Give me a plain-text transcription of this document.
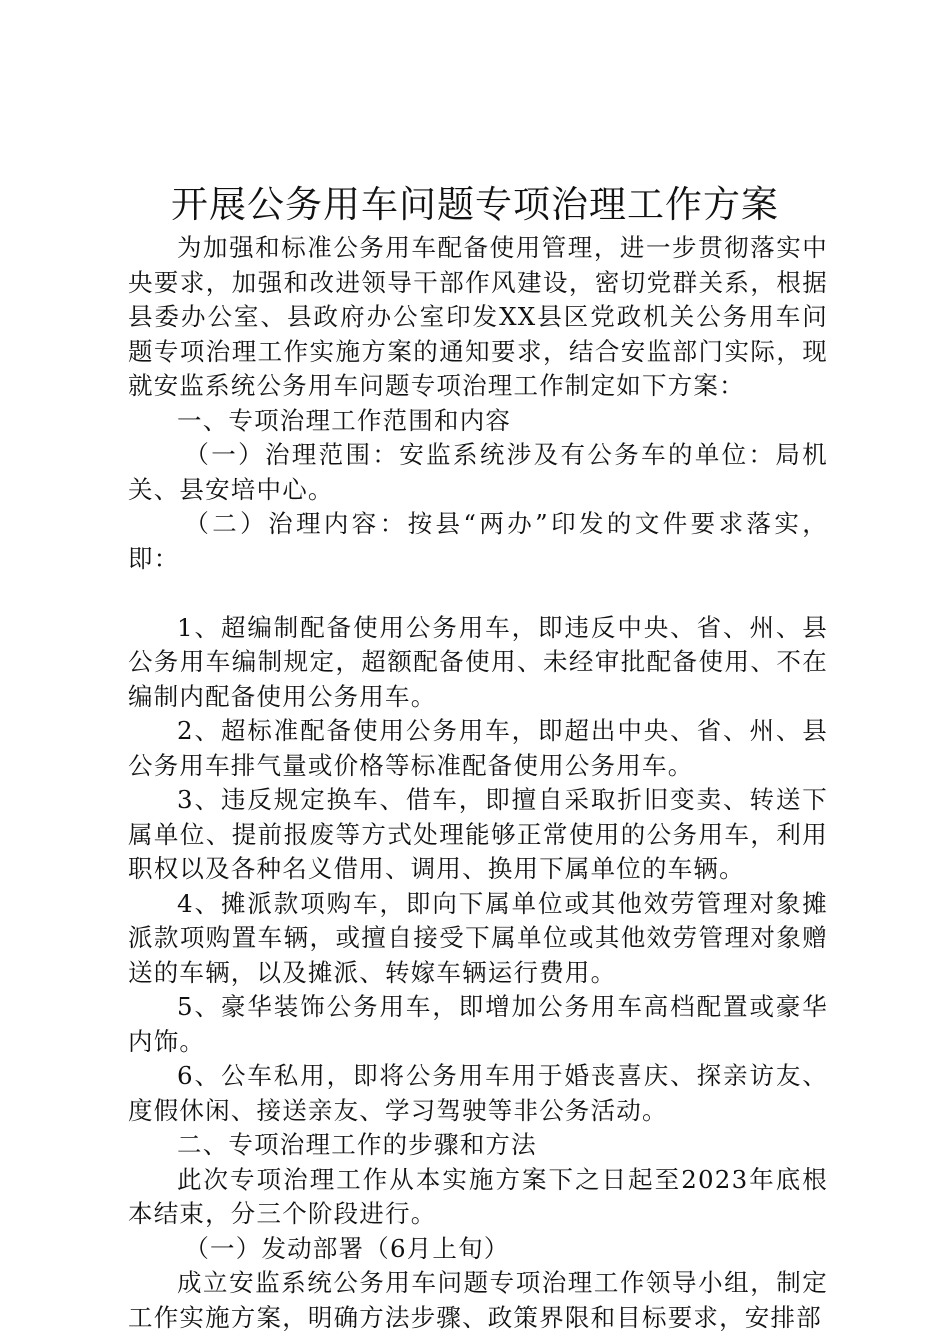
开展公务用车问题专项治理工作方案

为加强和标准公务用车配备使用管理，进一步贯彻落实中央要求，加强和改进领导干部作风建设，密切党群关系，根据县委办公室、县政府办公室印发XX县区党政机关公务用车问题专项治理工作实施方案的通知要求，结合安监部门实际，现就安监系统公务用车问题专项治理工作制定如下方案：

一、专项治理工作范围和内容

（一）治理范围：安监系统涉及有公务车的单位：局机关、县安培中心。

（二）治理内容：按县“两办”印发的文件要求落实，即：

1、超编制配备使用公务用车，即违反中央、省、州、县公务用车编制规定，超额配备使用、未经审批配备使用、不在编制内配备使用公务用车。

2、超标准配备使用公务用车，即超出中央、省、州、县公务用车排气量或价格等标准配备使用公务用车。

3、违反规定换车、借车，即擅自采取折旧变卖、转送下属单位、提前报废等方式处理能够正常使用的公务用车，利用职权以及各种名义借用、调用、换用下属单位的车辆。

4、摊派款项购车，即向下属单位或其他效劳管理对象摊派款项购置车辆，或擅自接受下属单位或其他效劳管理对象赠送的车辆，以及摊派、转嫁车辆运行费用。

5、豪华装饰公务用车，即增加公务用车高档配置或豪华内饰。

6、公车私用，即将公务用车用于婚丧喜庆、探亲访友、度假休闲、接送亲友、学习驾驶等非公务活动。

二、专项治理工作的步骤和方法

此次专项治理工作从本实施方案下之日起至2023年底根本结束，分三个阶段进行。

（一）发动部署（6月上旬）

成立安监系统公务用车问题专项治理工作领导小组，制定工作实施方案，明确方法步骤、政策界限和目标要求，安排部
